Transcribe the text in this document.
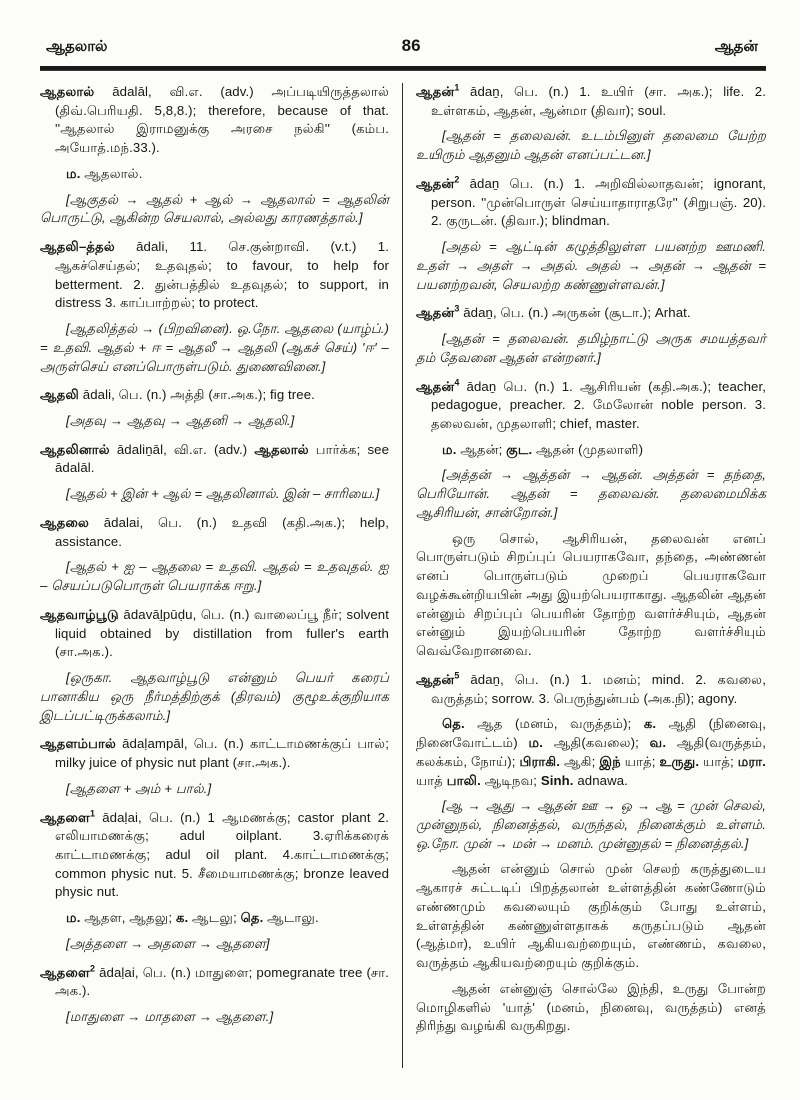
ஆதலால்	86	ஆதன்

ஆதலால் ādalāl, வி.எ. (adv.) அப்படியிருத்தலால் (திவ்.பெரியதி. 5,8,8.); therefore, because of that. ''ஆதலால் இராமனுக்கு அரசை நல்கி'' (கம்ப. அயோத்.மந்.33.).

ம. ஆதலால்.

[ஆகுதல் → ஆதல் + ஆல் → ஆதலால் = ஆதலின் பொருட்டு, ஆகின்ற செயலால், அல்லது காரணத்தால்.]

ஆதலி–த்தல் ādali, 11. செ.குன்றாவி. (v.t.) 1. ஆகச்செய்தல்; உதவுதல்; to favour, to help for betterment. 2. துன்பத்தில் உதவுதல்; to support, in distress 3. காப்பாற்றல்; to protect.

[ஆதலித்தல் → (பிறவினை). ஒ.நோ. ஆதலை (யாழ்ப்.) = உதவி. ஆதல் + ஈ = ஆதலீ → ஆதலி (ஆகச் செய்) 'ஈ' – அருள்செய் எனப்பொருள்படும். துணைவினை.]

ஆதலி ādali, பெ. (n.) அத்தி (சா.அக.); fig tree.

[அதவு → ஆதவு → ஆதனி → ஆதலி.]

ஆதலினால் ādaliṉāl, வி.எ. (adv.) ஆதலால் பார்க்க; see ādalāl.

[ஆதல் + இன் + ஆல் = ஆதலினால். இன் – சாரியை.]

ஆதலை ādalai, பெ. (n.) உதவி (கதி.அக.); help, assistance.

[ஆதல் + ஐ – ஆதலை = உதவி. ஆதல் = உதவுதல். ஐ – செயப்படுபொருள் பெயராக்க ஈறு.]

ஆதவாழ்பூடு ādavāḻpūḍu, பெ. (n.) வாலைப்பூ நீர்; solvent liquid obtained by distillation from fuller's earth (சா.அக.).

[ஒருகா. ஆதவாழ்பூடு என்னும் பெயர் கரைப் பானாகிய ஒரு நீர்மத்திற்குக் (திரவம்) குழூஉக்குறியாக இடப்பட்டிருக்கலாம்.]

ஆதளம்பால் ādaḷampāl, பெ. (n.) காட்டாமணக்குப் பால்; milky juice of physic nut plant (சா.அக.).

[ஆதளை + அம் + பால்.]

ஆதளை$^1$ ādaḷai, பெ. (n.) 1 ஆமணக்கு; castor plant 2. எலியாமணக்கு; adul oilplant. 3.ஏரிக்கரைக் காட்டாமணக்கு; adul oil plant. 4.காட்டாமணக்கு; common physic nut. 5. சீமையாமணக்கு; bronze leaved physic nut.

ம. ஆதள, ஆதலு; க. ஆடலு; தெ. ஆடாலு.

[அத்தளை → அதளை → ஆதளை]

ஆதளை$^2$ ādaḷai, பெ. (n.) மாதுளை; pomegranate tree (சா. அக.).

[மாதுளை → மாதளை → ஆதளை.]

ஆதன்$^1$ ādaṉ, பெ. (n.) 1. உயிர் (சா. அக.); life. 2. உள்ளகம், ஆதன், ஆன்மா (திவா); soul.

[ஆதன் = தலைவன். உடம்பினுள் தலைமை யேற்ற உயிரும் ஆதனும் ஆதன் எனப்பட்டன.]

ஆதன்$^2$ ādaṉ பெ. (n.) 1. அறிவில்லாதவன்; ignorant, person. ''முன்பொருள் செய்யாதாராதரே'' (சிறுபஞ். 20). 2. குருடன். (திவா.); blindman.

[அதல் = ஆட்டின் கழுத்திலுள்ள பயனற்ற ஊமணி. உதள் → அதள் → அதல். அதல் → அதன் → ஆதன் = பயனற்றவன், செயலற்ற கண்ணுள்ளவன்.]

ஆதன்$^3$ ādaṉ, பெ. (n.) அருகன் (சூடா.); Arhat.

[ஆதன் = தலைவன். தமிழ்நாட்டு அருக சமயத்தவர் தம் தேவனை ஆதன் என்றனர்.]

ஆதன்$^4$ ādaṉ பெ. (n.) 1. ஆசிரியன் (கதி.அக.); teacher, pedagogue, preacher. 2. மேலோன் noble person. 3. தலைவன், முதலாளி; chief, master.

ம. ஆதன்; குட. ஆதன் (முதலாளி)

[அத்தன் → ஆத்தன் → ஆதன். அத்தன் = தந்தை, பெரியோன். ஆதன் = தலைவன். தலைமைமிக்க ஆசிரியன், சான்றோன்.]

ஒரு சொல், ஆசிரியன், தலைவன் எனப் பொருள்படும் சிறப்புப் பெயராகவோ, தந்தை, அண்ணன் எனப் பொருள்படும் முறைப் பெயராகவோ வழக்கூன்றியபின் அது இயற்பெயராகாது. ஆதலின் ஆதன் என்னும் சிறப்புப் பெயரின் தோற்ற வளர்ச்சியும், ஆதன் என்னும் இயற்பெயரின் தோற்ற வளர்ச்சியும் வெவ்வேறானவை.

ஆதன்$^5$ ādaṉ, பெ. (n.) 1. மனம்; mind. 2. கவலை, வருத்தம்; sorrow. 3. பெருந்துன்பம் (அக.நி); agony.

தெ. ஆத (மனம், வருத்தம்); க. ஆதி (நினைவு, நினைவோட்டம்) ம. ஆதி(கவலை); வ. ஆதி(வருத்தம், கலக்கம், நோய்); பிராகி. ஆகி; இந் யாத்; உருது. யாத்; மரா. யாத் பாலி. ஆடிநவ; Sinh. adnawa.

[ஆ → ஆது → ஆதன் ஊ → ஒ → ஆ = முன் செலல், முன்னுநல், நினைத்தல், வருந்தல், நினைக்கும் உள்ளம். ஒ.நோ. முன் → மன் → மனம். முன்னுதல் = நினைத்தல்.]

ஆதன் என்னும் சொல் முன் செலற் கருத்துடைய ஆகாரச் சுட்டடிப் பிறத்தலான் உள்ளத்தின் கண்ணோடும் எண்ணமும் கவலையும் குறிக்கும் போது உள்ளம், உள்ளத்தின் கண்ணுள்ளதாகக் கருதப்படும் ஆதன் (ஆத்மா), உயிர் ஆகியவற்றையும், எண்ணம், கவலை, வருத்தம் ஆகியவற்றையும் குறிக்கும்.

ஆதன் என்னுஞ் சொல்லே இந்தி, உருது போன்ற மொழிகளில் 'யாத்' (மனம், நினைவு, வருத்தம்) எனத் திரிந்து வழங்கி வருகிறது.
